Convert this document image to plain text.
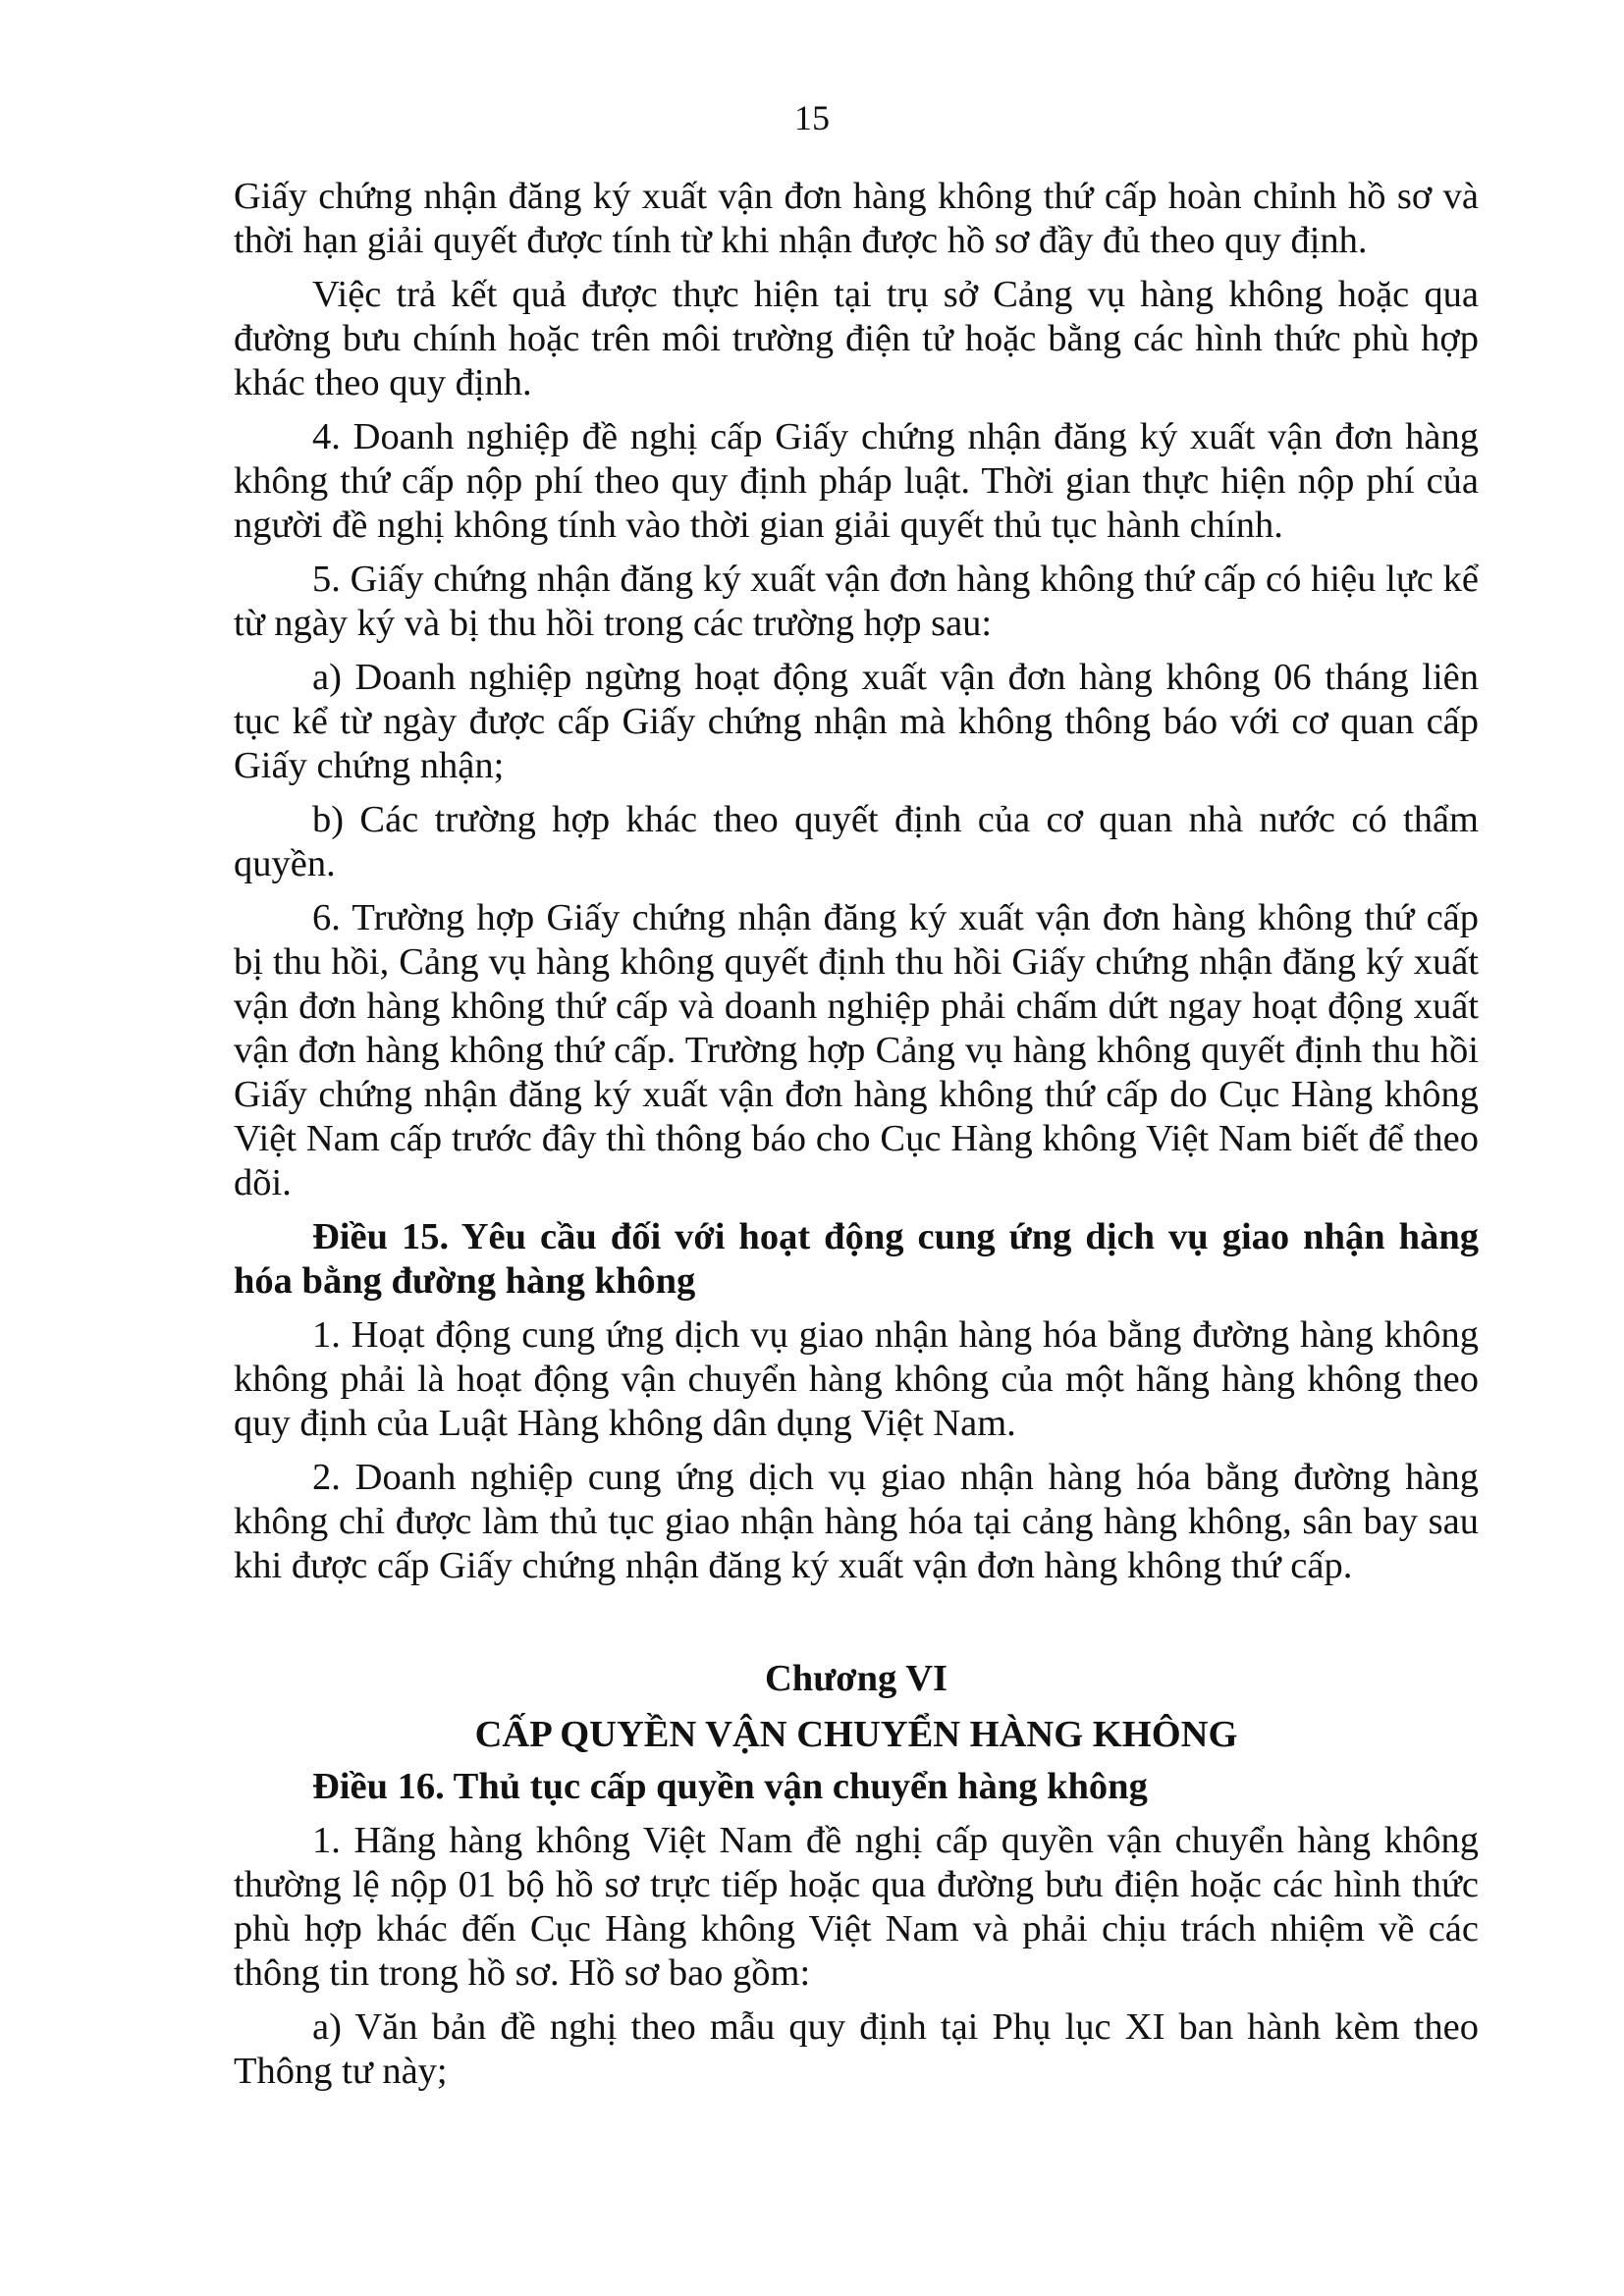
15

Giấy chứng nhận đăng ký xuất vận đơn hàng không thứ cấp hoàn chỉnh hồ sơ và thời hạn giải quyết được tính từ khi nhận được hồ sơ đầy đủ theo quy định.

Việc trả kết quả được thực hiện tại trụ sở Cảng vụ hàng không hoặc qua đường bưu chính hoặc trên môi trường điện tử hoặc bằng các hình thức phù hợp khác theo quy định.

4. Doanh nghiệp đề nghị cấp Giấy chứng nhận đăng ký xuất vận đơn hàng không thứ cấp nộp phí theo quy định pháp luật. Thời gian thực hiện nộp phí của người đề nghị không tính vào thời gian giải quyết thủ tục hành chính.

5. Giấy chứng nhận đăng ký xuất vận đơn hàng không thứ cấp có hiệu lực kể từ ngày ký và bị thu hồi trong các trường hợp sau:

a) Doanh nghiệp ngừng hoạt động xuất vận đơn hàng không 06 tháng liên tục kể từ ngày được cấp Giấy chứng nhận mà không thông báo với cơ quan cấp Giấy chứng nhận;

b) Các trường hợp khác theo quyết định của cơ quan nhà nước có thẩm quyền.

6. Trường hợp Giấy chứng nhận đăng ký xuất vận đơn hàng không thứ cấp bị thu hồi, Cảng vụ hàng không quyết định thu hồi Giấy chứng nhận đăng ký xuất vận đơn hàng không thứ cấp và doanh nghiệp phải chấm dứt ngay hoạt động xuất vận đơn hàng không thứ cấp. Trường hợp Cảng vụ hàng không quyết định thu hồi Giấy chứng nhận đăng ký xuất vận đơn hàng không thứ cấp do Cục Hàng không Việt Nam cấp trước đây thì thông báo cho Cục Hàng không Việt Nam biết để theo dõi.

Điều 15. Yêu cầu đối với hoạt động cung ứng dịch vụ giao nhận hàng hóa bằng đường hàng không

1. Hoạt động cung ứng dịch vụ giao nhận hàng hóa bằng đường hàng không không phải là hoạt động vận chuyển hàng không của một hãng hàng không theo quy định của Luật Hàng không dân dụng Việt Nam.

2. Doanh nghiệp cung ứng dịch vụ giao nhận hàng hóa bằng đường hàng không chỉ được làm thủ tục giao nhận hàng hóa tại cảng hàng không, sân bay sau khi được cấp Giấy chứng nhận đăng ký xuất vận đơn hàng không thứ cấp.

Chương VI
CẤP QUYỀN VẬN CHUYỂN HÀNG KHÔNG
Điều 16. Thủ tục cấp quyền vận chuyển hàng không

1. Hãng hàng không Việt Nam đề nghị cấp quyền vận chuyển hàng không thường lệ nộp 01 bộ hồ sơ trực tiếp hoặc qua đường bưu điện hoặc các hình thức phù hợp khác đến Cục Hàng không Việt Nam và phải chịu trách nhiệm về các thông tin trong hồ sơ. Hồ sơ bao gồm:

a) Văn bản đề nghị theo mẫu quy định tại Phụ lục XI ban hành kèm theo Thông tư này;
